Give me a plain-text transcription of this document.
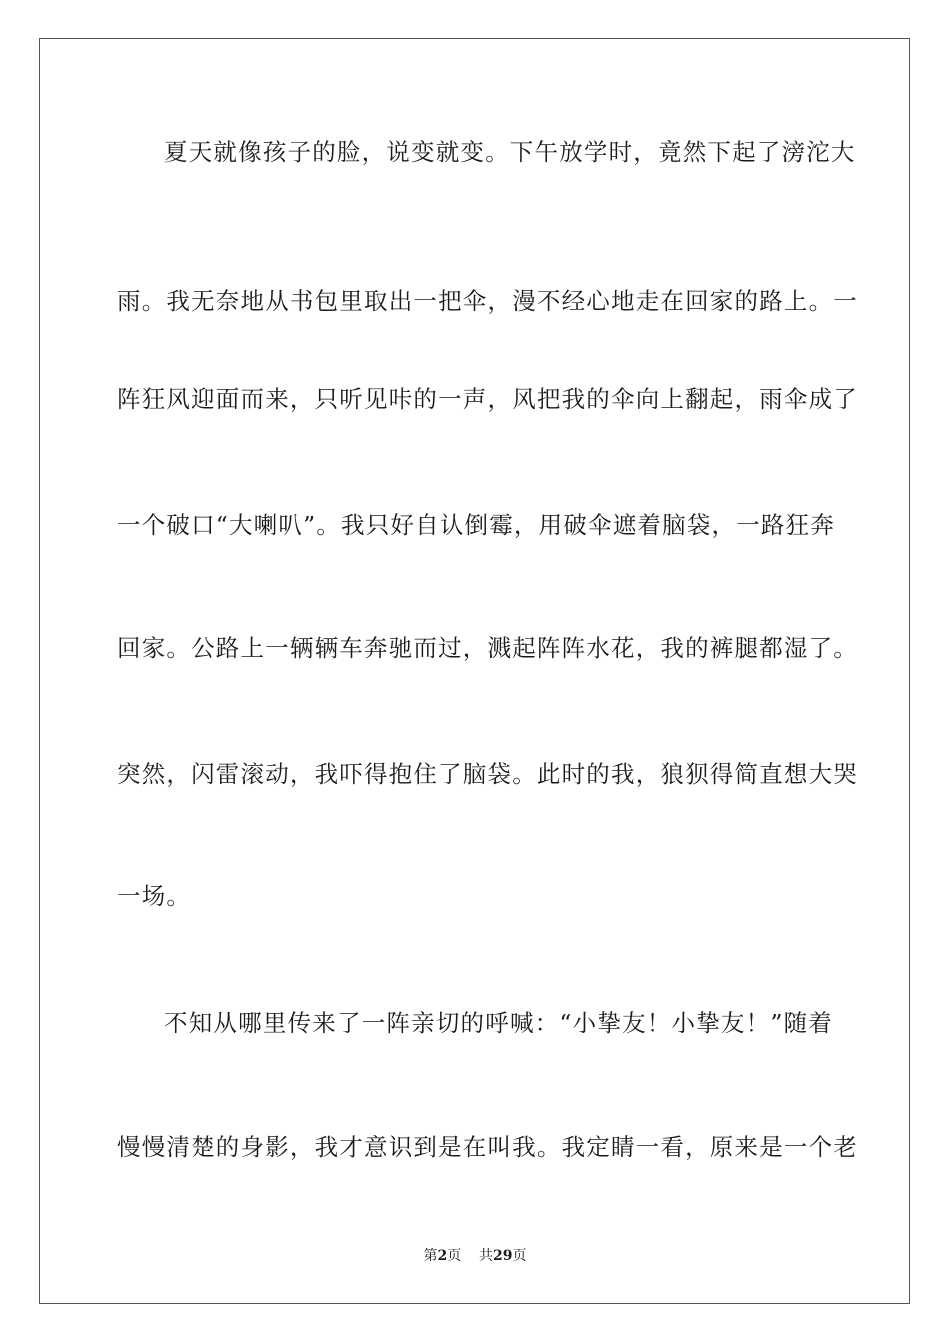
夏天就像孩子的脸，说变就变。下午放学时，竟然下起了滂沱大
雨。我无奈地从书包里取出一把伞，漫不经心地走在回家的路上。一
阵狂风迎面而来，只听见咔的一声，风把我的伞向上翻起，雨伞成了
一个破口“大喇叭”。我只好自认倒霉，用破伞遮着脑袋，一路狂奔
回家。公路上一辆辆车奔驰而过，溅起阵阵水花，我的裤腿都湿了。
突然，闪雷滚动，我吓得抱住了脑袋。此时的我，狼狈得简直想大哭
一场。
不知从哪里传来了一阵亲切的呼喊：“小挚友！小挚友！”随着
慢慢清楚的身影，我才意识到是在叫我。我定睛一看，原来是一个老
第2页 共29页
